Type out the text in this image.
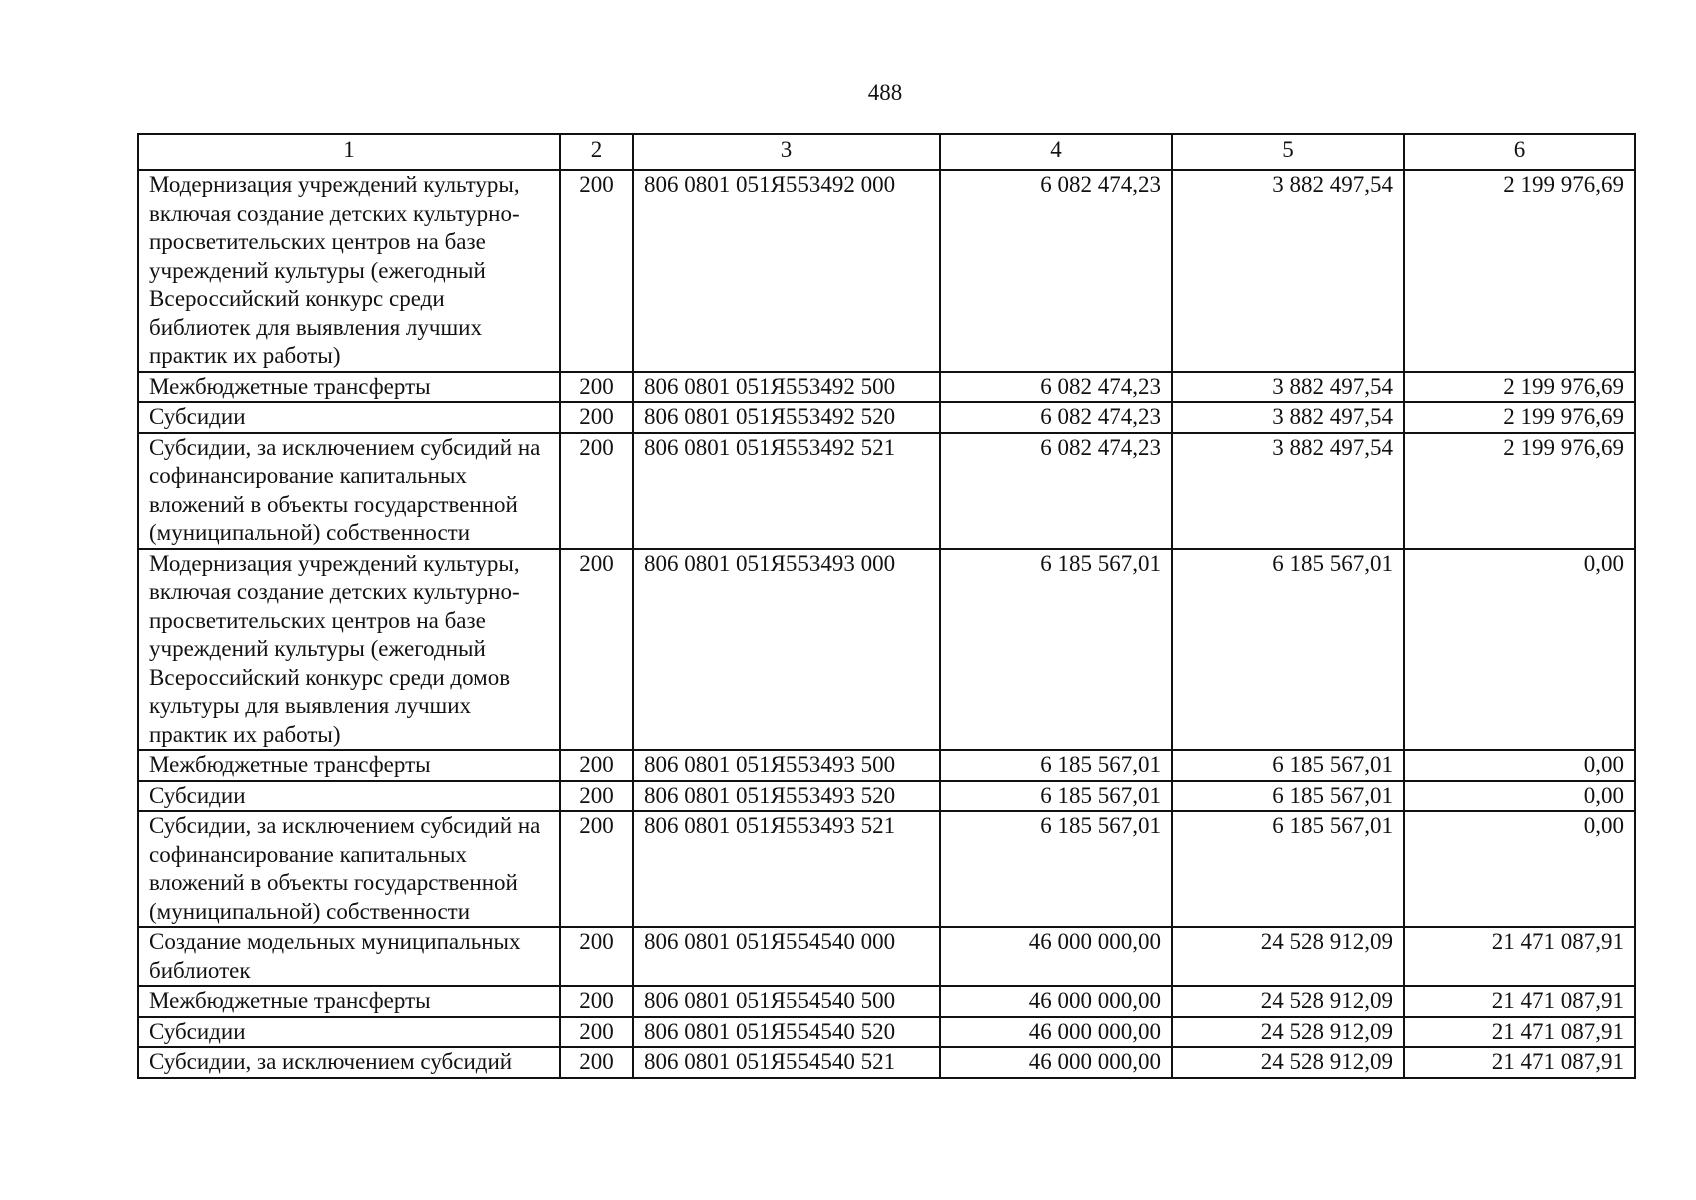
488
1	2	3	4	5	6
Модернизация учреждений культуры, включая создание детских культурно-просветительских центров на базе учреждений культуры (ежегодный Всероссийский конкурс среди библиотек для выявления лучших практик их работы)	200	806 0801 051Я553492 000	6 082 474,23	3 882 497,54	2 199 976,69
Межбюджетные трансферты	200	806 0801 051Я553492 500	6 082 474,23	3 882 497,54	2 199 976,69
Субсидии	200	806 0801 051Я553492 520	6 082 474,23	3 882 497,54	2 199 976,69
Субсидии, за исключением субсидий на софинансирование капитальных вложений в объекты государственной (муниципальной) собственности	200	806 0801 051Я553492 521	6 082 474,23	3 882 497,54	2 199 976,69
Модернизация учреждений культуры, включая создание детских культурно-просветительских центров на базе учреждений культуры (ежегодный Всероссийский конкурс среди домов культуры для выявления лучших практик их работы)	200	806 0801 051Я553493 000	6 185 567,01	6 185 567,01	0,00
Межбюджетные трансферты	200	806 0801 051Я553493 500	6 185 567,01	6 185 567,01	0,00
Субсидии	200	806 0801 051Я553493 520	6 185 567,01	6 185 567,01	0,00
Субсидии, за исключением субсидий на софинансирование капитальных вложений в объекты государственной (муниципальной) собственности	200	806 0801 051Я553493 521	6 185 567,01	6 185 567,01	0,00
Создание модельных муниципальных библиотек	200	806 0801 051Я554540 000	46 000 000,00	24 528 912,09	21 471 087,91
Межбюджетные трансферты	200	806 0801 051Я554540 500	46 000 000,00	24 528 912,09	21 471 087,91
Субсидии	200	806 0801 051Я554540 520	46 000 000,00	24 528 912,09	21 471 087,91
Субсидии, за исключением субсидий	200	806 0801 051Я554540 521	46 000 000,00	24 528 912,09	21 471 087,91
